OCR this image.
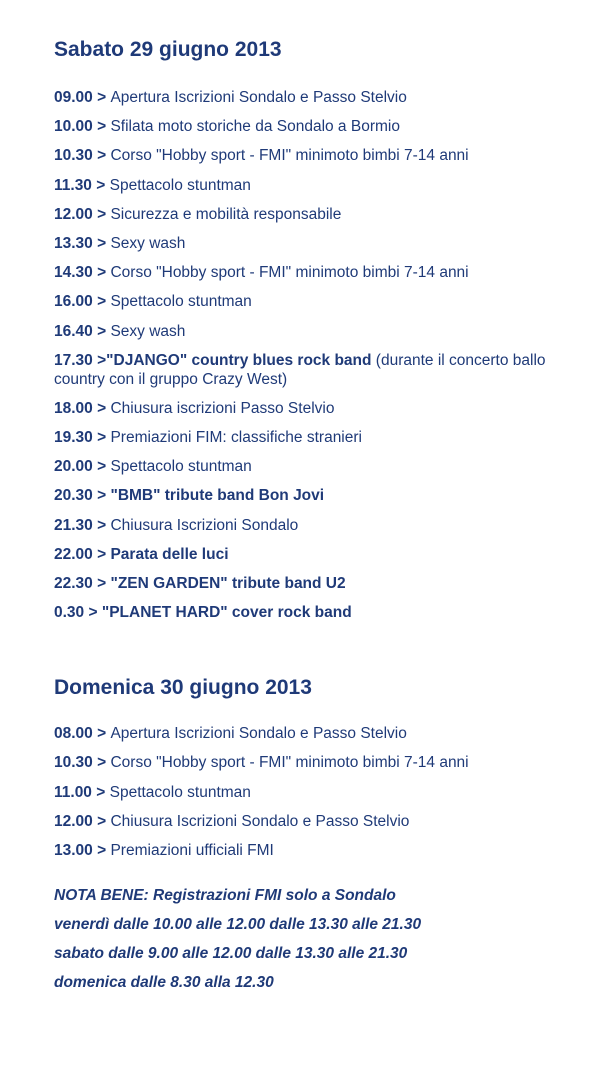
Sabato 29 giugno 2013
09.00 > Apertura Iscrizioni Sondalo e Passo Stelvio
10.00 > Sfilata moto storiche da Sondalo a Bormio
10.30 > Corso "Hobby sport - FMI" minimoto bimbi 7-14 anni
11.30 > Spettacolo stuntman
12.00 > Sicurezza e mobilità responsabile
13.30 > Sexy wash
14.30 > Corso "Hobby sport - FMI" minimoto bimbi 7-14 anni
16.00 > Spettacolo stuntman
16.40 > Sexy wash
17.30 >"DJANGO" country blues rock band (durante il concerto ballo country con il gruppo Crazy West)
18.00 > Chiusura iscrizioni Passo Stelvio
19.30 > Premiazioni FIM: classifiche stranieri
20.00 > Spettacolo stuntman
20.30 > "BMB" tribute band Bon Jovi
21.30 > Chiusura Iscrizioni Sondalo
22.00 > Parata delle luci
22.30 > "ZEN GARDEN" tribute band U2
0.30 > "PLANET HARD" cover rock band
Domenica 30 giugno 2013
08.00 > Apertura Iscrizioni Sondalo e Passo Stelvio
10.30 > Corso "Hobby sport - FMI" minimoto bimbi 7-14 anni
11.00 > Spettacolo stuntman
12.00 > Chiusura Iscrizioni Sondalo e Passo Stelvio
13.00 > Premiazioni ufficiali FMI

NOTA BENE: Registrazioni FMI solo a Sondalo

venerdì dalle 10.00 alle 12.00 dalle 13.30 alle 21.30

sabato dalle 9.00 alle 12.00 dalle 13.30 alle 21.30

domenica dalle 8.30 alla 12.30
